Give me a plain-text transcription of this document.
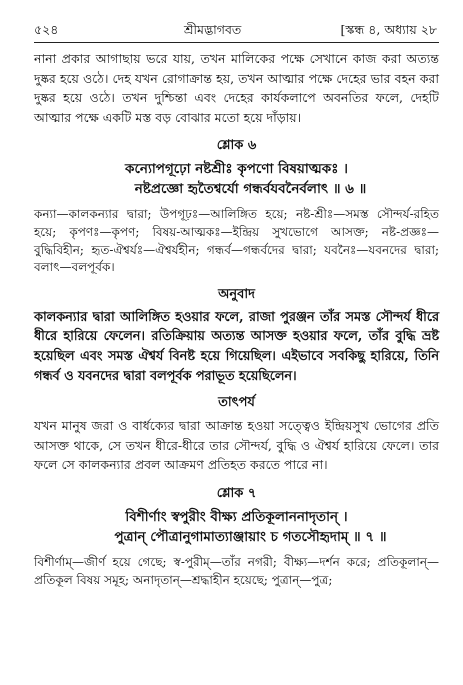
৫২৪	শ্রীমদ্ভাগবত	[স্কন্ধ ৪, অধ্যায় ২৮

নানা প্রকার আগাছায় ভরে যায়, তখন মালিকের পক্ষে সেখানে কাজ করা অত্যন্ত দুষ্কর হয়ে ওঠে। দেহ যখন রোগাক্রান্ত হয়, তখন আত্মার পক্ষে দেহের ভার বহন করা দুষ্কর হয়ে ওঠে। তখন দুশ্চিন্তা এবং দেহের কার্যকলাপে অবনতির ফলে, দেহটি আত্মার পক্ষে একটি মস্ত বড় বোঝার মতো হয়ে দাঁড়ায়।

শ্লোক ৬

কন্যোপগূঢ়ো নষ্টশ্রীঃ কৃপণো বিষয়াত্মকঃ ।

নষ্টপ্রজ্ঞো হৃতৈশ্বর্যো গন্ধর্বযবনৈর্বলাৎ ॥ ৬ ॥

কন্যা—কালকন্যার দ্বারা; উপগূঢ়ঃ—আলিঙ্গিত হয়ে; নষ্ট-শ্রীঃ—সমস্ত সৌন্দর্য-রহিত হয়ে; কৃপণঃ—কৃপণ; বিষয়-আত্মকঃ—ইন্দ্রিয় সুখভোগে আসক্ত; নষ্ট-প্রজ্ঞঃ—বুদ্ধিবিহীন; হৃত-ঐশ্বর্যঃ—ঐশ্বর্যহীন; গন্ধর্ব—গন্ধর্বদের দ্বারা; যবনৈঃ—যবনদের দ্বারা; বলাৎ—বলপূর্বক।

অনুবাদ

কালকন্যার দ্বারা আলিঙ্গিত হওয়ার ফলে, রাজা পুরঞ্জন তাঁর সমস্ত সৌন্দর্য ধীরে ধীরে হারিয়ে ফেলেন। রতিক্রিয়ায় অত্যন্ত আসক্ত হওয়ার ফলে, তাঁর বুদ্ধি ভ্রষ্ট হয়েছিল এবং সমস্ত ঐশ্বর্য বিনষ্ট হয়ে গিয়েছিল। এইভাবে সবকিছু হারিয়ে, তিনি গন্ধর্ব ও যবনদের দ্বারা বলপূর্বক পরাভূত হয়েছিলেন।

তাৎপর্য

যখন মানুষ জরা ও বার্ধক্যের দ্বারা আক্রান্ত হওয়া সত্ত্বেও ইন্দ্রিয়সুখ ভোগের প্রতি আসক্ত থাকে, সে তখন ধীরে-ধীরে তার সৌন্দর্য, বুদ্ধি ও ঐশ্বর্য হারিয়ে ফেলে। তার ফলে সে কালকন্যার প্রবল আক্রমণ প্রতিহত করতে পারে না।

শ্লোক ৭

বিশীর্ণাং স্বপুরীং বীক্ষ্য প্রতিকূলাননাদৃতান্ ।

পুত্রান্ পৌত্রানুগামাত্যাঞ্জায়াং চ গতসৌহৃদাম্ ॥ ৭ ॥

বিশীর্ণাম্—জীর্ণ হয়ে গেছে; স্ব-পুরীম্—তাঁর নগরী; বীক্ষ্য—দর্শন করে; প্রতিকূলান্—প্রতিকূল বিষয় সমূহ; অনাদৃতান্—শ্রদ্ধাহীন হয়েছে; পুত্রান্—পুত্র;
